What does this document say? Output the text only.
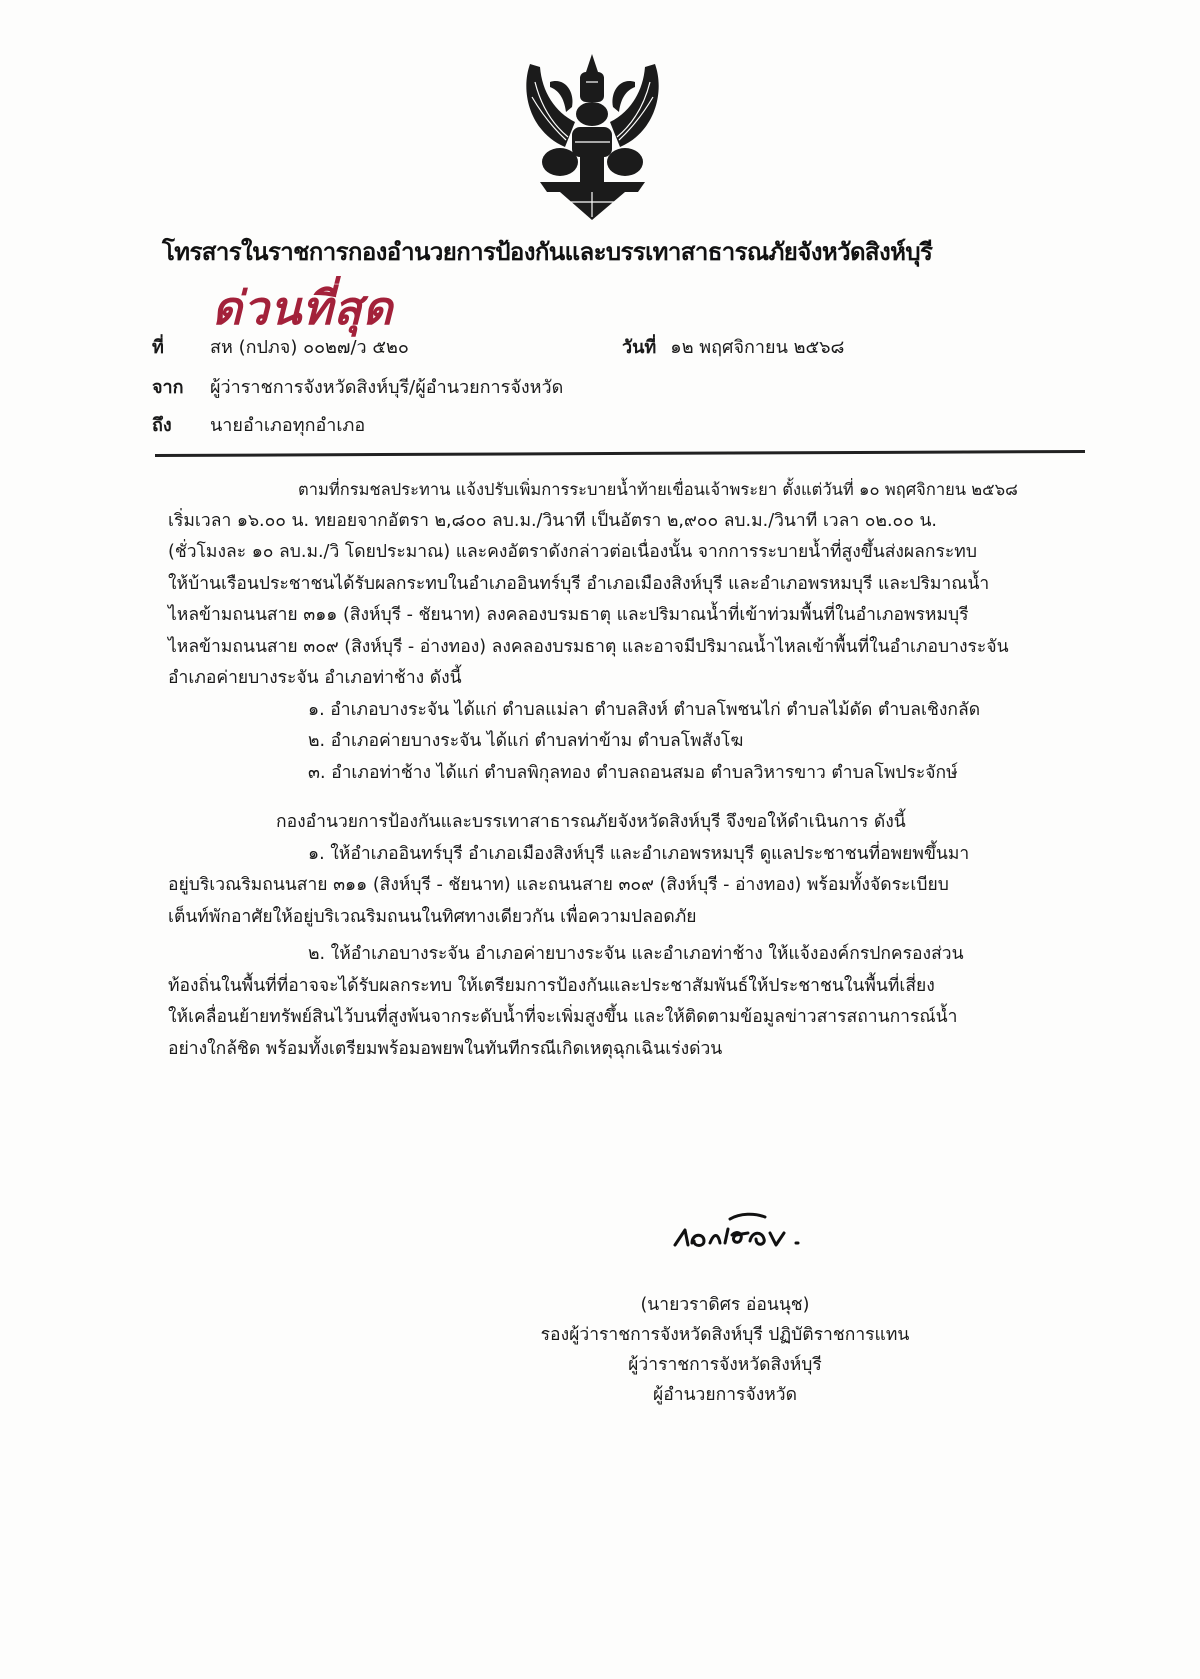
โทรสารในราชการกองอำนวยการป้องกันและบรรเทาสาธารณภัยจังหวัดสิงห์บุรี
ด่วนที่สุด
ที่	สห (กปภจ) ๐๐๒๗/ว ๕๒๐	วันที่ ๑๒ พฤศจิกายน ๒๕๖๘
จาก ผู้ว่าราชการจังหวัดสิงห์บุรี/ผู้อำนวยการจังหวัด
ถึง นายอำเภอทุกอำเภอ
ตามที่กรมชลประทาน แจ้งปรับเพิ่มการระบายน้ำท้ายเขื่อนเจ้าพระยา ตั้งแต่วันที่ ๑๐ พฤศจิกายน ๒๕๖๘
เริ่มเวลา ๑๖.๐๐ น. ทยอยจากอัตรา ๒,๘๐๐ ลบ.ม./วินาที เป็นอัตรา ๒,๙๐๐ ลบ.ม./วินาที เวลา ๐๒.๐๐ น.
(ชั่วโมงละ ๑๐ ลบ.ม./วิ โดยประมาณ) และคงอัตราดังกล่าวต่อเนื่องนั้น จากการระบายน้ำที่สูงขึ้นส่งผลกระทบ
ให้บ้านเรือนประชาชนได้รับผลกระทบในอำเภออินทร์บุรี อำเภอเมืองสิงห์บุรี และอำเภอพรหมบุรี และปริมาณน้ำ
ไหลข้ามถนนสาย ๓๑๑ (สิงห์บุรี - ชัยนาท) ลงคลองบรมธาตุ และปริมาณน้ำที่เข้าท่วมพื้นที่ในอำเภอพรหมบุรี
ไหลข้ามถนนสาย ๓๐๙ (สิงห์บุรี - อ่างทอง) ลงคลองบรมธาตุ และอาจมีปริมาณน้ำไหลเข้าพื้นที่ในอำเภอบางระจัน
อำเภอค่ายบางระจัน อำเภอท่าช้าง ดังนี้
๑. อำเภอบางระจัน ได้แก่ ตำบลแม่ลา ตำบลสิงห์ ตำบลโพชนไก่ ตำบลไม้ดัด ตำบลเชิงกลัด
๒. อำเภอค่ายบางระจัน ได้แก่ ตำบลท่าข้าม ตำบลโพสังโฆ
๓. อำเภอท่าช้าง ได้แก่ ตำบลพิกุลทอง ตำบลถอนสมอ ตำบลวิหารขาว ตำบลโพประจักษ์
กองอำนวยการป้องกันและบรรเทาสาธารณภัยจังหวัดสิงห์บุรี จึงขอให้ดำเนินการ ดังนี้
๑. ให้อำเภออินทร์บุรี อำเภอเมืองสิงห์บุรี และอำเภอพรหมบุรี ดูแลประชาชนที่อพยพขึ้นมา
อยู่บริเวณริมถนนสาย ๓๑๑ (สิงห์บุรี - ชัยนาท) และถนนสาย ๓๐๙ (สิงห์บุรี - อ่างทอง) พร้อมทั้งจัดระเบียบ
เต็นท์พักอาศัยให้อยู่บริเวณริมถนนในทิศทางเดียวกัน เพื่อความปลอดภัย
๒. ให้อำเภอบางระจัน อำเภอค่ายบางระจัน และอำเภอท่าช้าง ให้แจ้งองค์กรปกครองส่วน
ท้องถิ่นในพื้นที่ที่อาจจะได้รับผลกระทบ ให้เตรียมการป้องกันและประชาสัมพันธ์ให้ประชาชนในพื้นที่เสี่ยง
ให้เคลื่อนย้ายทรัพย์สินไว้บนที่สูงพ้นจากระดับน้ำที่จะเพิ่มสูงขึ้น และให้ติดตามข้อมูลข่าวสารสถานการณ์น้ำ
อย่างใกล้ชิด พร้อมทั้งเตรียมพร้อมอพยพในทันทีกรณีเกิดเหตุฉุกเฉินเร่งด่วน
(นายวราดิศร อ่อนนุช)
รองผู้ว่าราชการจังหวัดสิงห์บุรี ปฏิบัติราชการแทน
ผู้ว่าราชการจังหวัดสิงห์บุรี
ผู้อำนวยการจังหวัด
